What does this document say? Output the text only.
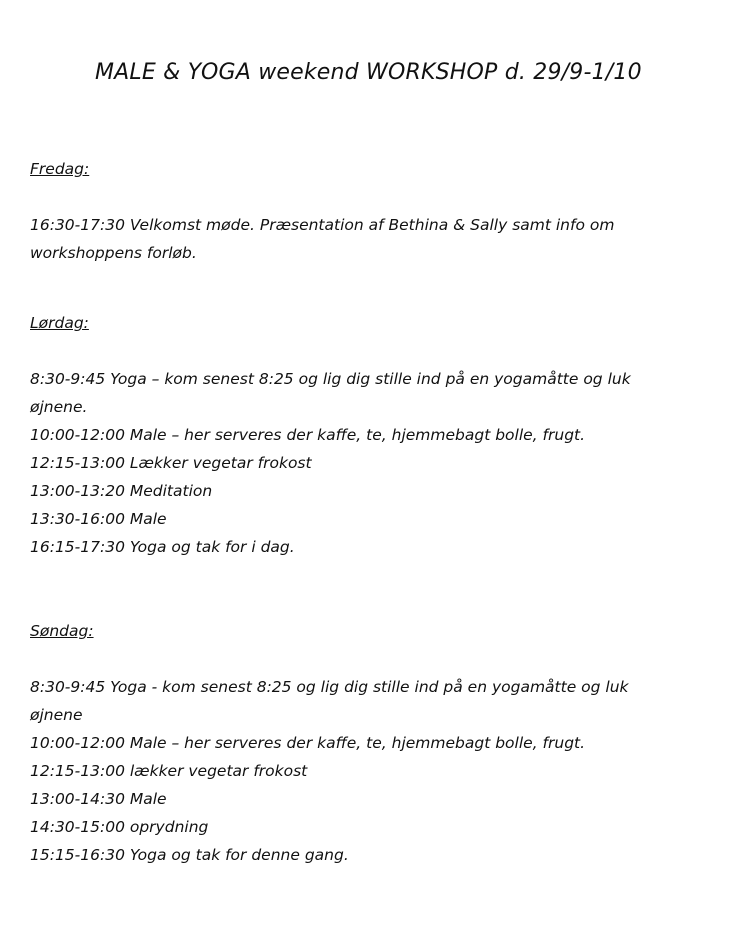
MALE & YOGA weekend WORKSHOP d. 29/9-1/10
Fredag:

16:30-17:30 Velkomst møde. Præsentation af Bethina & Sally samt info om

workshoppens forløb.

Lørdag:

8:30-9:45 Yoga – kom senest 8:25 og lig dig stille ind på en yogamåtte og luk

øjnene.

10:00-12:00 Male – her serveres der kaffe, te, hjemmebagt bolle, frugt.

12:15-13:00 Lækker vegetar frokost

13:00-13:20 Meditation

13:30-16:00 Male

16:15-17:30 Yoga og tak for i dag.

Søndag:

8:30-9:45 Yoga - kom senest 8:25 og lig dig stille ind på en yogamåtte og luk

øjnene

10:00-12:00 Male – her serveres der kaffe, te, hjemmebagt bolle, frugt.

12:15-13:00 lækker vegetar frokost

13:00-14:30 Male

14:30-15:00 oprydning

15:15-16:30 Yoga og tak for denne gang.
